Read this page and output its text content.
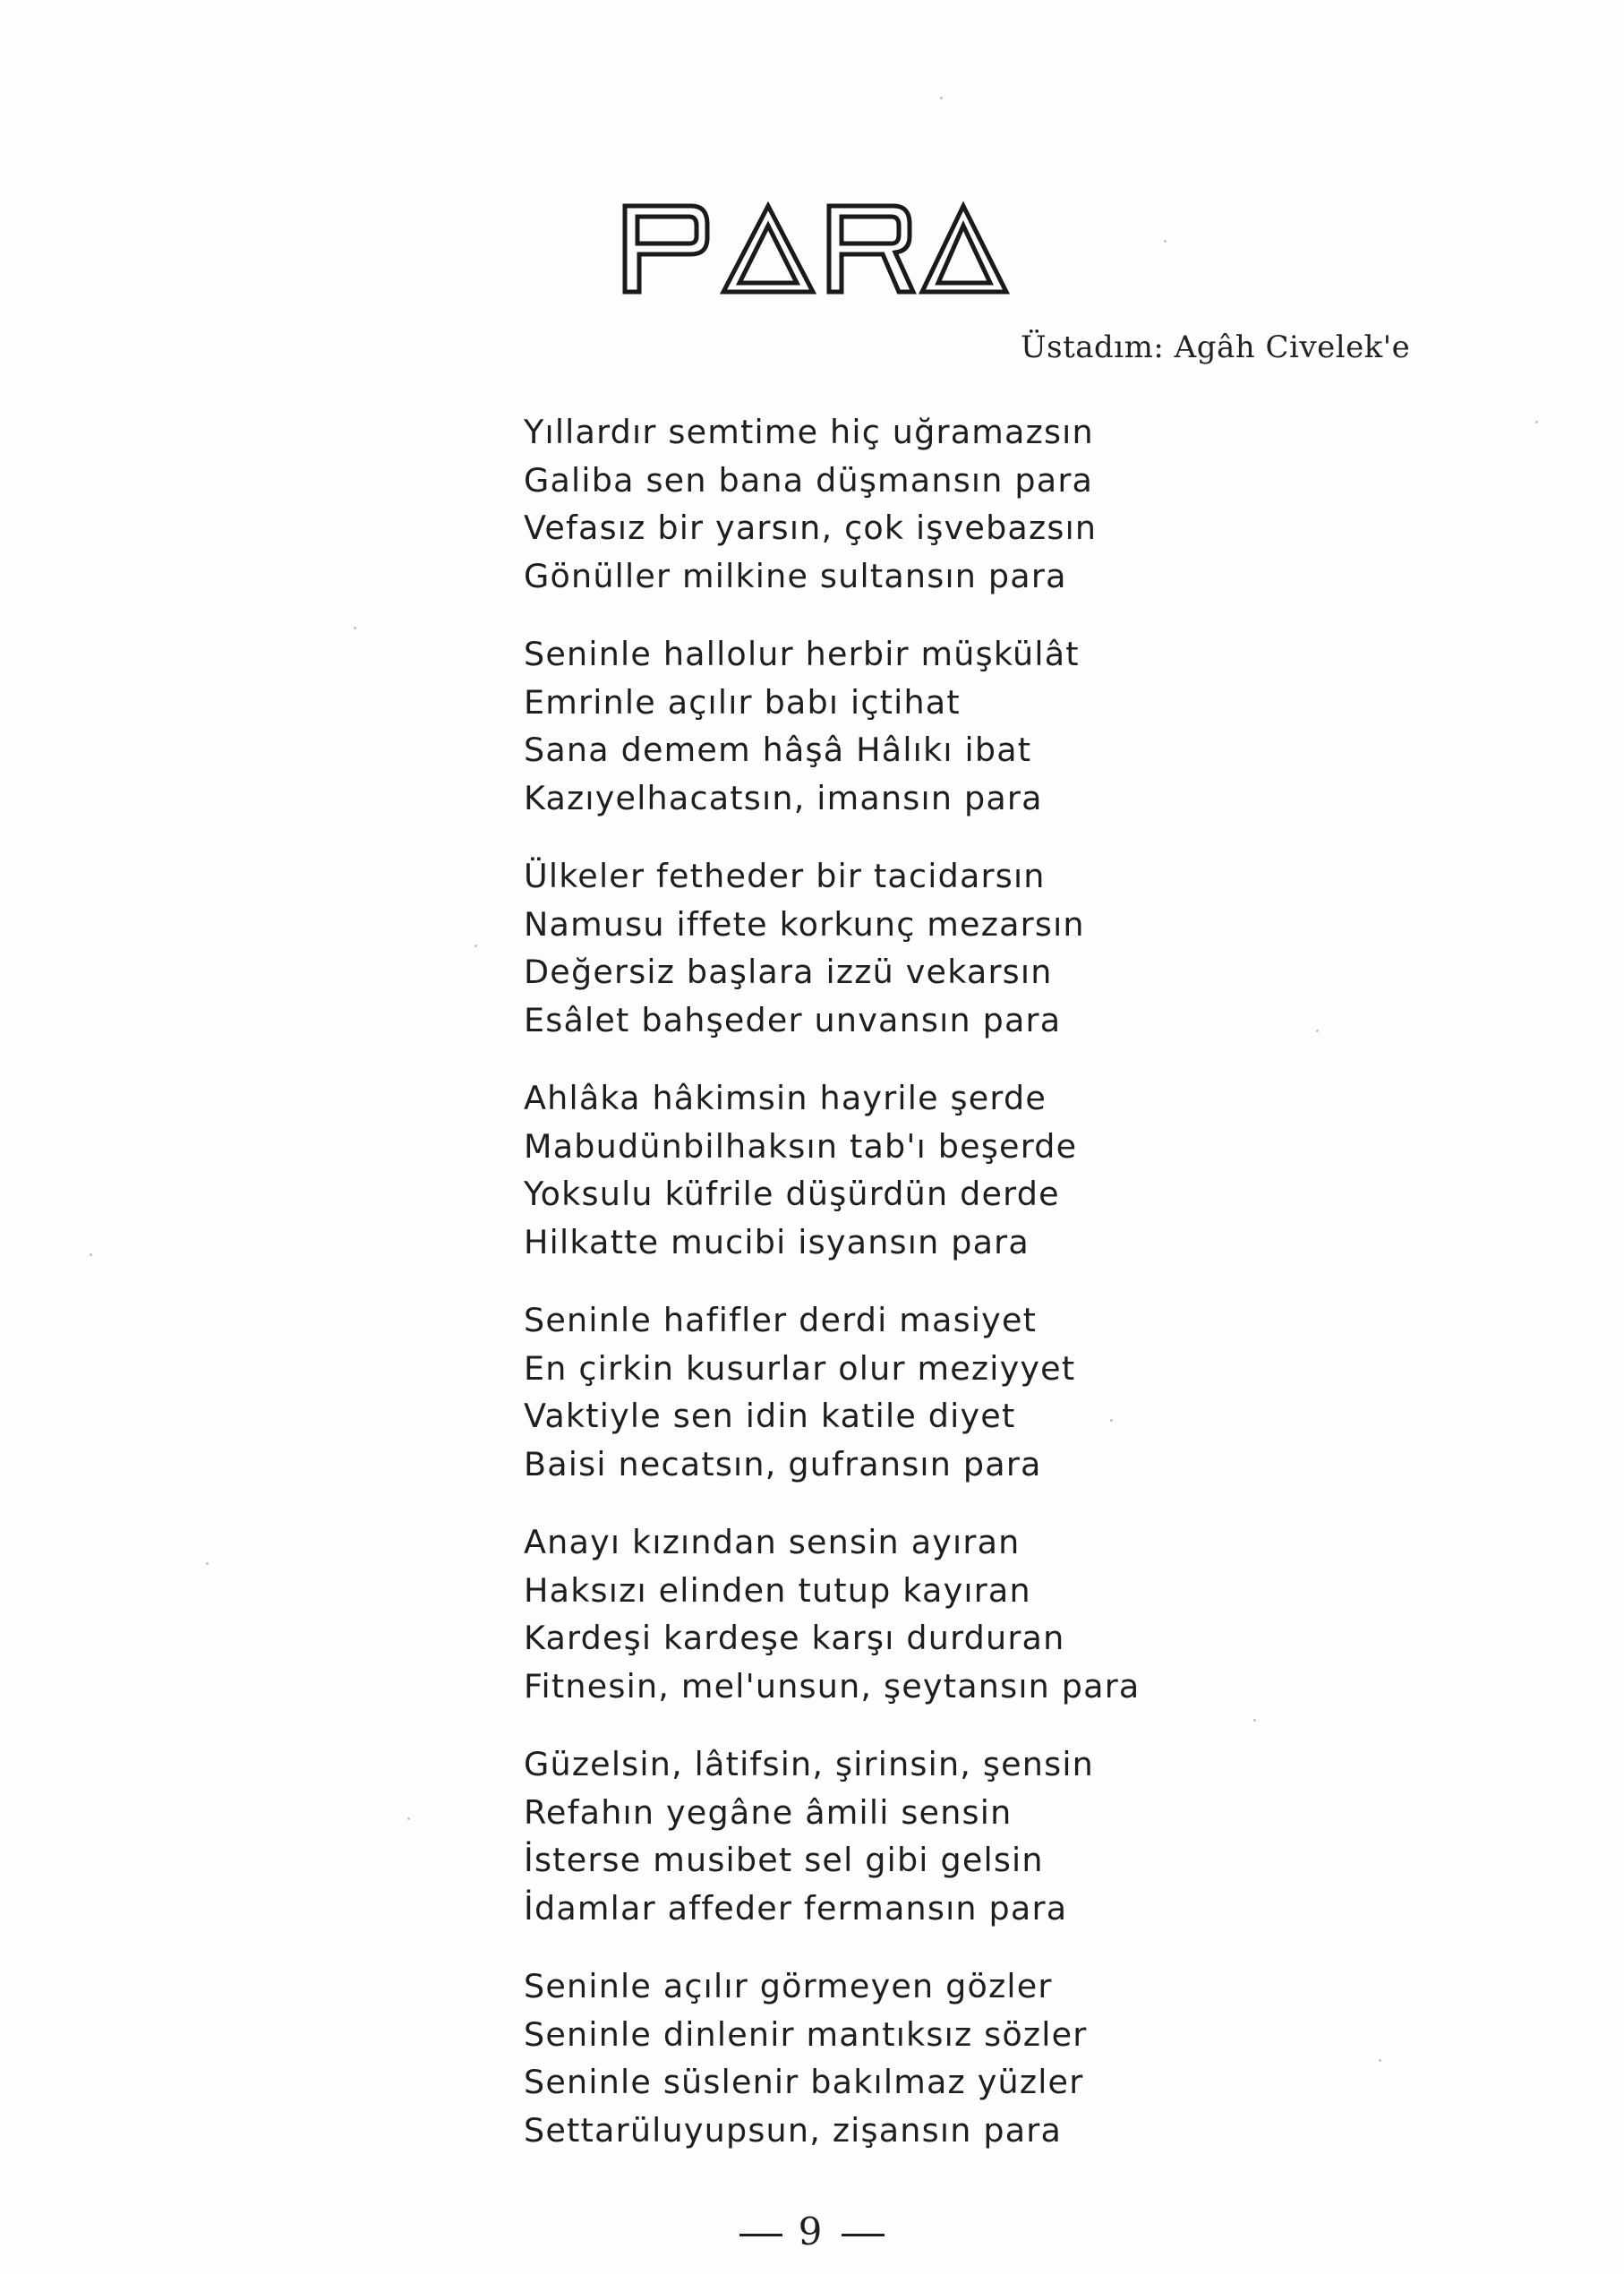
Üstadım: Agâh Civelek'e
Yıllardır semtime hiç uğramazsın
Galiba sen bana düşmansın para
Vefasız bir yarsın, çok işvebazsın
Gönüller milkine sultansın para
Seninle hallolur herbir müşkülât
Emrinle açılır babı içtihat
Sana demem hâşâ Hâlıkı ibat
Kazıyelhacatsın, imansın para
Ülkeler fetheder bir tacidarsın
Namusu iffete korkunç mezarsın
Değersiz başlara izzü vekarsın
Esâlet bahşeder unvansın para
Ahlâka hâkimsin hayrile şerde
Mabudünbilhaksın tab'ı beşerde
Yoksulu küfrile düşürdün derde
Hilkatte mucibi isyansın para
Seninle hafifler derdi masiyet
En çirkin kusurlar olur meziyyet
Vaktiyle sen idin katile diyet
Baisi necatsın, gufransın para
Anayı kızından sensin ayıran
Haksızı elinden tutup kayıran
Kardeşi kardeşe karşı durduran
Fitnesin, mel'unsun, şeytansın para
Güzelsin, lâtifsin, şirinsin, şensin
Refahın yegâne âmili sensin
İsterse musibet sel gibi gelsin
İdamlar affeder fermansın para
Seninle açılır görmeyen gözler
Seninle dinlenir mantıksız sözler
Seninle süslenir bakılmaz yüzler
Settarüluyupsun, zişansın para
9
